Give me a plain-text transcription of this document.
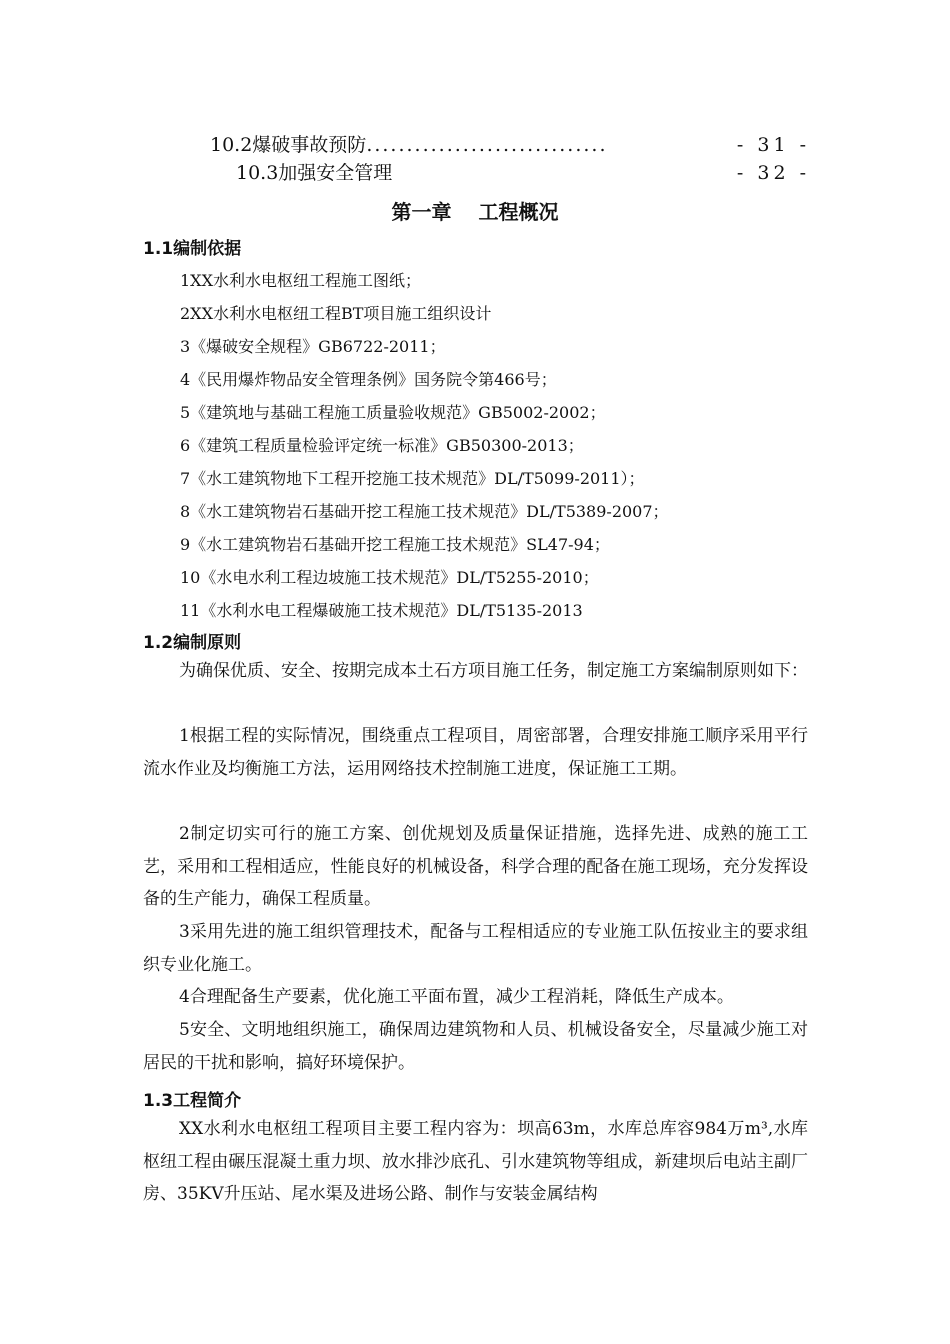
10.2爆破事故预防 ..............................	- 31 -
10.3加强安全管理	- 32 -
第一章 工程概况
1.1编制依据
1XX水利水电枢纽工程施工图纸；
2XX水利水电枢纽工程BT项目施工组织设计
3《爆破安全规程》GB6722-2011；
4《民用爆炸物品安全管理条例》国务院令第466号；
5《建筑地与基础工程施工质量验收规范》GB5002-2002；
6《建筑工程质量检验评定统一标准》GB50300-2013；
7《水工建筑物地下工程开挖施工技术规范》DL/T5099-2011）；
8《水工建筑物岩石基础开挖工程施工技术规范》DL/T5389-2007；
9《水工建筑物岩石基础开挖工程施工技术规范》SL47-94；
10《水电水利工程边坡施工技术规范》DL/T5255-2010；
11《水利水电工程爆破施工技术规范》DL/T5135-2013
1.2编制原则
为确保优质、安全、按期完成本土石方项目施工任务，制定施工方案编制原则如下：
1根据工程的实际情况，围绕重点工程项目，周密部署，合理安排施工顺序采用平行流水作业及均衡施工方法，运用网络技术控制施工进度，保证施工工期。
2制定切实可行的施工方案、创优规划及质量保证措施，选择先进、成熟的施工工艺，采用和工程相适应，性能良好的机械设备，科学合理的配备在施工现场，充分发挥设备的生产能力，确保工程质量。
3采用先进的施工组织管理技术，配备与工程相适应的专业施工队伍按业主的要求组织专业化施工。
4合理配备生产要素，优化施工平面布置，减少工程消耗，降低生产成本。
5安全、文明地组织施工，确保周边建筑物和人员、机械设备安全，尽量减少施工对居民的干扰和影响，搞好环境保护。
1.3工程简介
XX水利水电枢纽工程项目主要工程内容为：坝高63m，水库总库容984万m³,水库枢纽工程由碾压混凝土重力坝、放水排沙底孔、引水建筑物等组成，新建坝后电站主副厂房、35KV升压站、尾水渠及进场公路、制作与安装金属结构
